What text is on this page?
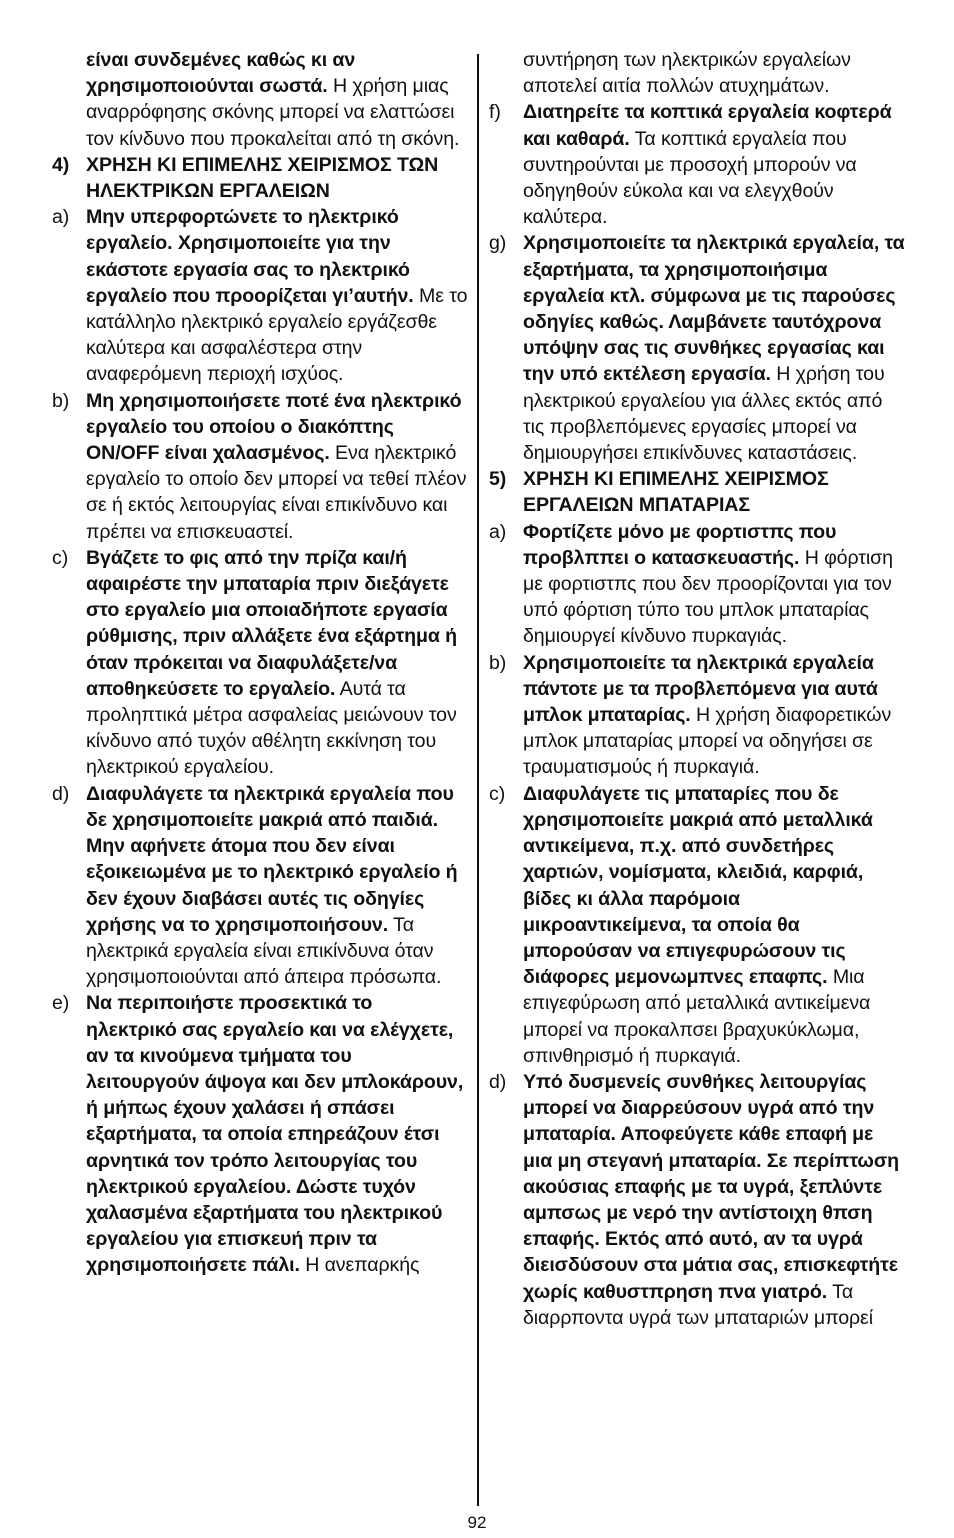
είναι συνδεμένες καθώς κι αν χρησιμοποιούνται σωστά. Η χρήση μιας αναρρόφησης σκόνης μπορεί να ελαττώσει τον κίνδυνο που προκαλείται από τη σκόνη.
4) ΧΡΗΣΗ ΚΙ ΕΠΙΜΕΛΗΣ ΧΕΙΡΙΣΜΟΣ ΤΩΝ ΗΛΕΚΤΡΙΚΩΝ ΕΡΓΑΛΕΙΩΝ
a) Μην υπερφορτώνετε το ηλεκτρικό εργαλείο. Χρησιμοποιείτε για την εκάστοτε εργασία σας το ηλεκτρικό εργαλείο που προορίζεται γι’αυτήν. Με το κατάλληλο ηλεκτρικό εργαλείο εργάζεσθε καλύτερα και ασφαλέστερα στην αναφερόμενη περιοχή ισχύος.
b) Μη χρησιμοποιήσετε ποτέ ένα ηλεκτρικό εργαλείο του οποίου ο διακόπτης ON/OFF είναι χαλασμένος. Ενα ηλεκτρικό εργαλείο το οποίο δεν μπορεί να τεθεί πλέον σε ή εκτός λειτουργίας είναι επικίνδυνο και πρέπει να επισκευαστεί.
c) Βγάζετε το φις από την πρίζα και/ή αφαιρέστε την μπαταρία πριν διεξάγετε στο εργαλείο μια οποιαδήποτε εργασία ρύθμισης, πριν αλλάξετε ένα εξάρτημα ή όταν πρόκειται να διαφυλάξετε/να αποθηκεύσετε το εργαλείο. Αυτά τα προληπτικά μέτρα ασφαλείας μειώνουν τον κίνδυνο από τυχόν αθέλητη εκκίνηση του ηλεκτρικού εργαλείου.
d) Διαφυλάγετε τα ηλεκτρικά εργαλεία που δε χρησιμοποιείτε μακριά από παιδιά. Μην αφήνετε άτομα που δεν είναι εξοικειωμένα με το ηλεκτρικό εργαλείο ή δεν έχουν διαβάσει αυτές τις οδηγίες χρήσης να το χρησιμοποιήσουν. Τα ηλεκτρικά εργαλεία είναι επικίνδυνα όταν χρησιμοποιούνται από άπειρα πρόσωπα.
e) Να περιποιήστε προσεκτικά το ηλεκτρικό σας εργαλείο και να ελέγχετε, αν τα κινούμενα τμήματα του λειτουργούν άψογα και δεν μπλοκάρουν, ή μήπως έχουν χαλάσει ή σπάσει εξαρτήματα, τα οποία επηρεάζουν έτσι αρνητικά τον τρόπο λειτουργίας του ηλεκτρικού εργαλείου. Δώστε τυχόν χαλασμένα εξαρτήματα του ηλεκτρικού εργαλείου για επισκευή πριν τα χρησιμοποιήσετε πάλι. Η ανεπαρκής
συντήρηση των ηλεκτρικών εργαλείων αποτελεί αιτία πολλών ατυχημάτων.
f) Διατηρείτε τα κοπτικά εργαλεία κοφτερά και καθαρά. Τα κοπτικά εργαλεία που συντηρούνται με προσοχή μπορούν να οδηγηθούν εύκολα και να ελεγχθούν καλύτερα.
g) Χρησιμοποιείτε τα ηλεκτρικά εργαλεία, τα εξαρτήματα, τα χρησιμοποιήσιμα εργαλεία κτλ. σύμφωνα με τις παρούσες οδηγίες καθώς. Λαμβάνετε ταυτόχρονα υπόψην σας τις συνθήκες εργασίας και την υπό εκτέλεση εργασία. Η χρήση του ηλεκτρικού εργαλείου για άλλες εκτός από τις προβλεπόμενες εργασίες μπορεί να δημιουργήσει επικίνδυνες καταστάσεις.
5) ΧΡΗΣΗ ΚΙ ΕΠΙΜΕΛΗΣ ΧΕΙΡΙΣΜΟΣ ΕΡΓΑΛΕΙΩΝ ΜΠΑΤΑΡΙΑΣ
a) Φορτίζετε μόνο με φορτιστπς που προβλππει ο κατασκευαστής. Η φόρτιση με φορτιστπς που δεν προορίζονται για τον υπό φόρτιση τύπο του μπλοκ μπαταρίας δημιουργεί κίνδυνο πυρκαγιάς.
b) Χρησιμοποιείτε τα ηλεκτρικά εργαλεία πάντοτε με τα προβλεπόμενα για αυτά μπλοκ μπαταρίας. Η χρήση διαφορετικών μπλοκ μπαταρίας μπορεί να οδηγήσει σε τραυματισμούς ή πυρκαγιά.
c) Διαφυλάγετε τις μπαταρίες που δε χρησιμοποιείτε μακριά από μεταλλικά αντικείμενα, π.χ. από συνδετήρες χαρτιών, νομίσματα, κλειδιά, καρφιά, βίδες κι άλλα παρόμοια μικροαντικείμενα, τα οποία θα μπορούσαν να επιγεφυρώσουν τις διάφορες μεμονωμπνες επαφπς. Μια επιγεφύρωση από μεταλλικά αντικείμενα μπορεί να προκαλπσει βραχυκύκλωμα, σπινθηρισμό ή πυρκαγιά.
d) Υπό δυσμενείς συνθήκες λειτουργίας μπορεί να διαρρεύσουν υγρά από την μπαταρία. Αποφεύγετε κάθε επαφή με μια μη στεγανή μπαταρία. Σε περίπτωση ακούσιας επαφής με τα υγρά, ξεπλύντε αμπσως με νερό την αντίστοιχη θπση επαφής. Εκτός από αυτό, αν τα υγρά διεισδύσουν στα μάτια σας, επισκεφτήτε χωρίς καθυστπρηση πνα γιατρό. Τα διαρρποντα υγρά των μπαταριών μπορεί
92
